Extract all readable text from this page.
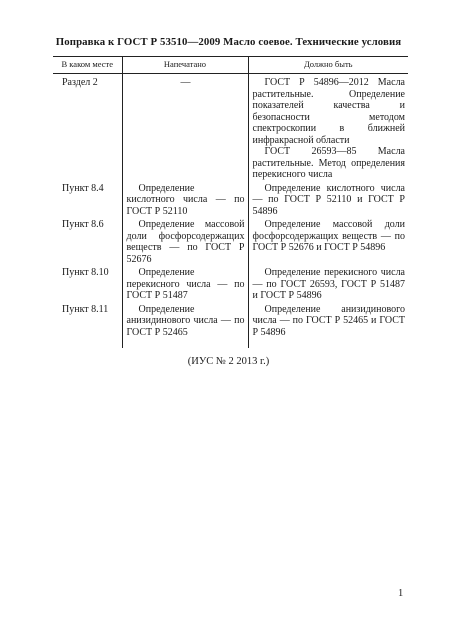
Поправка к ГОСТ Р 53510—2009 Масло соевое. Технические условия
В каком месте	Напечатано	Должно быть
Раздел 2	—	ГОСТ Р 54896—2012 Масла растительные. Определение показателей качества и безопасности методом спектроскопии в ближней инфракрасной области

ГОСТ 26593—85 Масла растительные. Метод определения перекисного числа

Пункт 8.4	Определение кислотного числа — по ГОСТ Р 52110	Определение кислотного числа — по ГОСТ Р 52110 и ГОСТ Р 54896

Пункт 8.6	Определение массовой доли фосфорсодержащих веществ — по ГОСТ Р 52676	Определение массовой доли фосфорсодержащих веществ — по ГОСТ Р 52676 и ГОСТ Р 54896

Пункт 8.10	Определение перекисного числа — по ГОСТ Р 51487	Определение перекисного числа — по ГОСТ 26593, ГОСТ Р 51487 и ГОСТ Р 54896

Пункт 8.11	Определение анизидинового числа — по ГОСТ Р 52465	Определение анизидинового числа — по ГОСТ Р 52465 и ГОСТ Р 54896

(ИУС № 2 2013 г.)
1
